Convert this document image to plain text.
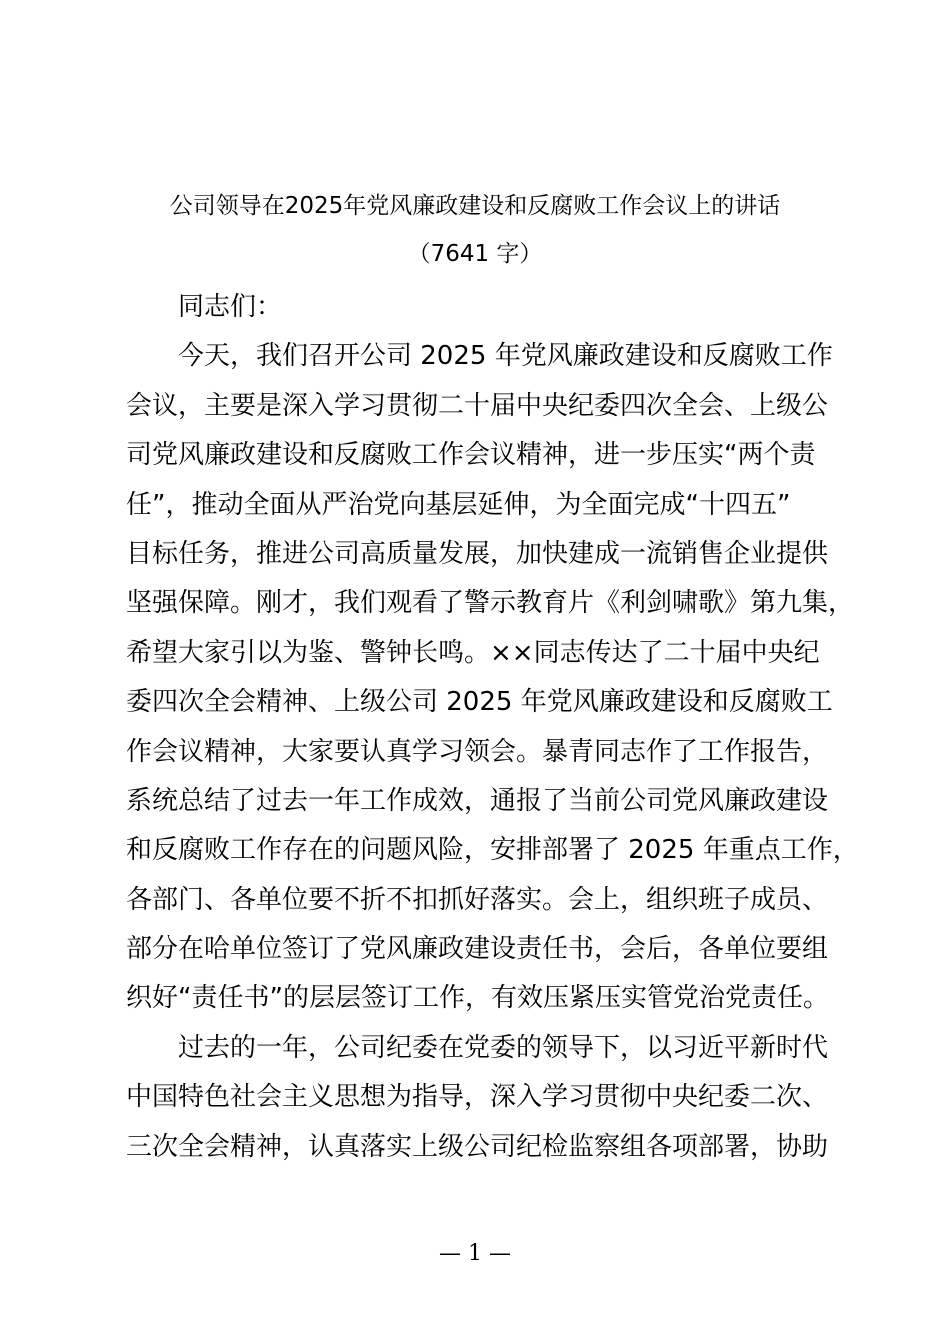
公司领导在2025年党风廉政建设和反腐败工作会议上的讲话
（7641 字）
同志们：
今天，我们召开公司 2025 年党风廉政建设和反腐败工作
会议，主要是深入学习贯彻二十届中央纪委四次全会、上级公
司党风廉政建设和反腐败工作会议精神，进一步压实“两个责
任”，推动全面从严治党向基层延伸，为全面完成“十四五”
目标任务，推进公司高质量发展，加快建成一流销售企业提供
坚强保障。刚才，我们观看了警示教育片《利剑啸歌》第九集，
希望大家引以为鉴、警钟长鸣。××同志传达了二十届中央纪
委四次全会精神、上级公司 2025 年党风廉政建设和反腐败工
作会议精神，大家要认真学习领会。暴青同志作了工作报告，
系统总结了过去一年工作成效，通报了当前公司党风廉政建设
和反腐败工作存在的问题风险，安排部署了 2025 年重点工作，
各部门、各单位要不折不扣抓好落实。会上，组织班子成员、
部分在哈单位签订了党风廉政建设责任书，会后，各单位要组
织好“责任书”的层层签订工作，有效压紧压实管党治党责任。
过去的一年，公司纪委在党委的领导下，以习近平新时代
中国特色社会主义思想为指导，深入学习贯彻中央纪委二次、
三次全会精神，认真落实上级公司纪检监察组各项部署，协助
— 1 —
